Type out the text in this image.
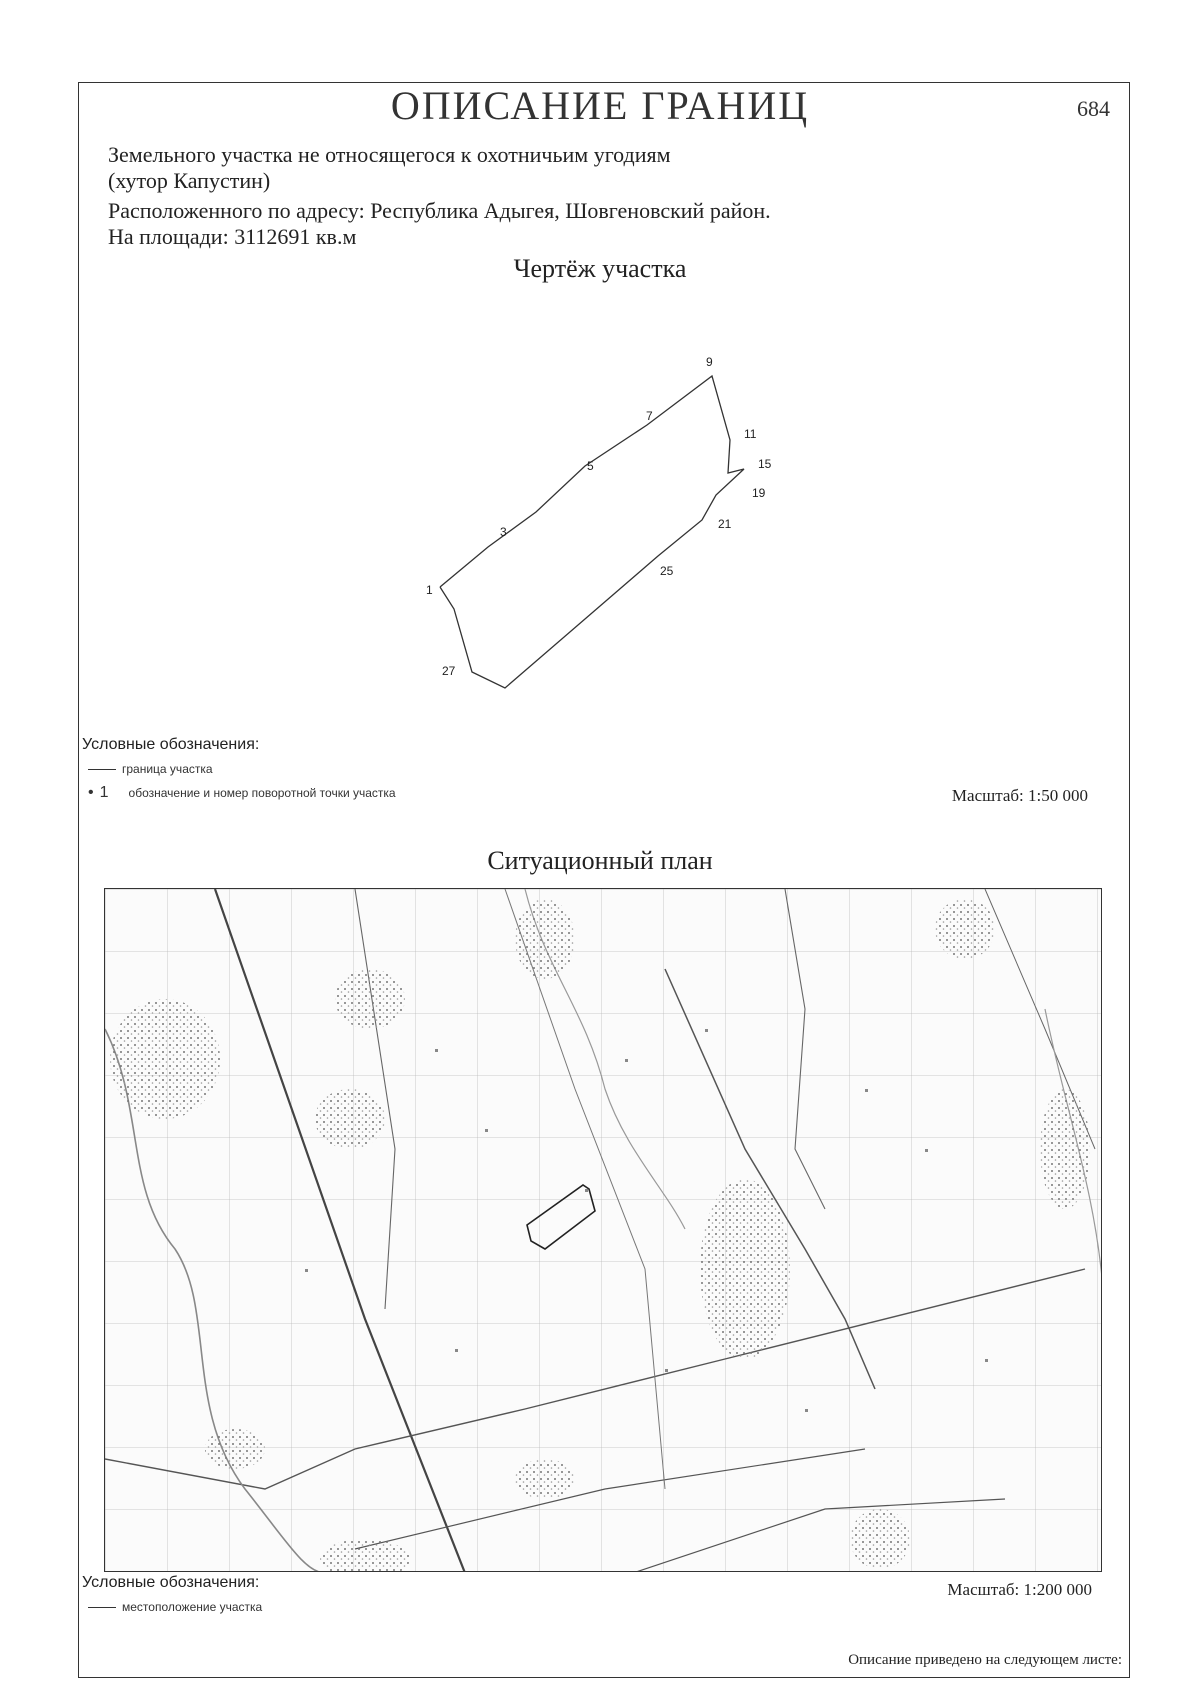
ОПИСАНИЕ ГРАНИЦ	684
Земельного участка не относящегося к охотничьим угодиям
(хутор Капустин)
Расположенного по адресу: Республика Адыгея, Шовгеновский район.
На площади: 3112691 кв.м
Чертёж участка
9
7
11
15
5
19
21
3
25
1
27
Условные обозначения:
граница участка
• 1 обозначение и номер поворотной точки участка	Масштаб: 1:50 000
Ситуационный план
Условные обозначения:
местоположение участка
Масштаб: 1:200 000
Описание приведено на следующем листе:
